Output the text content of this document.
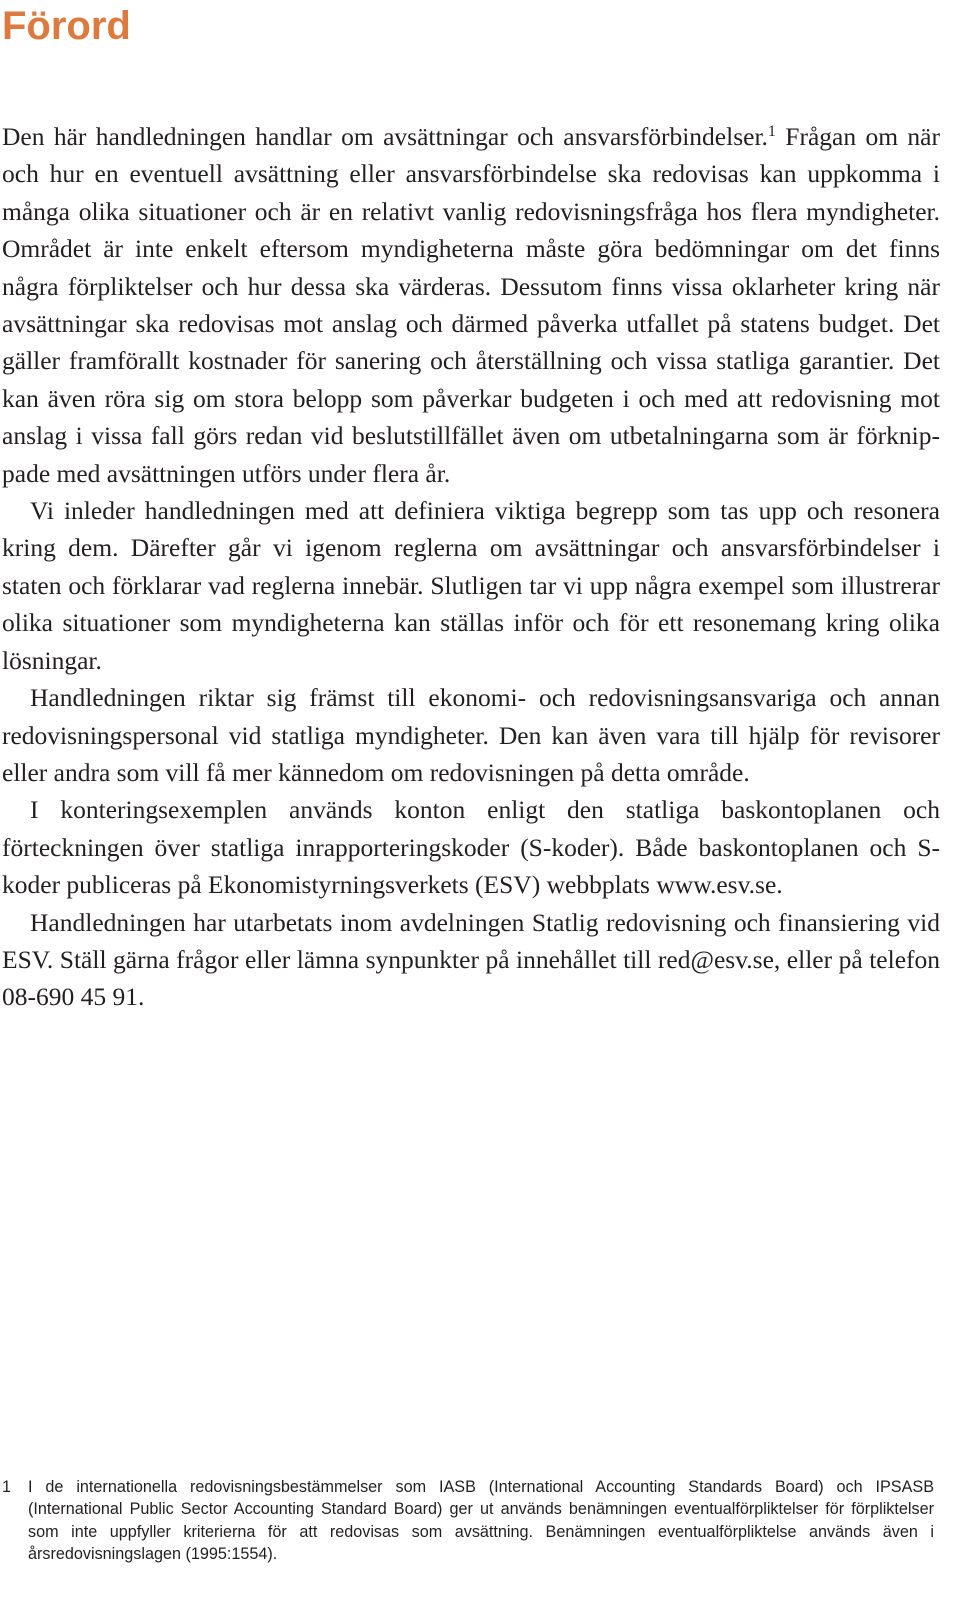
Förord

Den här handledningen handlar om avsättningar och ansvarsförbindelser.$^1$ Frågan om när och hur en eventuell avsättning eller ansvarsförbindelse ska redovisas kan uppkomma i många olika situationer och är en relativt vanlig redovisningsfråga hos flera myndigheter. Området är inte enkelt eftersom myndigheterna måste göra bedömningar om det finns några förpliktelser och hur dessa ska värderas. Dessutom finns vissa oklarheter kring när avsättningar ska redovisas mot anslag och därmed påverka utfallet på statens budget. Det gäller framförallt kostnader för sanering och återställning och vissa statliga garantier. Det kan även röra sig om stora belopp som påverkar budgeten i och med att redovisning mot anslag i vissa fall görs redan vid beslutstillfället även om utbetalningarna som är förknippade med avsättningen utförs under flera år.

Vi inleder handledningen med att definiera viktiga begrepp som tas upp och resonera kring dem. Därefter går vi igenom reglerna om avsättningar och ansvarsförbindelser i staten och förklarar vad reglerna innebär. Slutligen tar vi upp några exempel som illustrerar olika situationer som myndigheterna kan ställas inför och för ett resonemang kring olika lösningar.

Handledningen riktar sig främst till ekonomi- och redovisningsansvariga och annan redovisningspersonal vid statliga myndigheter. Den kan även vara till hjälp för revisorer eller andra som vill få mer kännedom om redovisningen på detta område.

I konteringsexemplen används konton enligt den statliga baskontoplanen och förteckningen över statliga inrapporteringskoder (S-koder). Både baskontoplanen och S-koder publiceras på Ekonomistyrningsverkets (ESV) webbplats www.esv.se.

Handledningen har utarbetats inom avdelningen Statlig redovisning och finansiering vid ESV. Ställ gärna frågor eller lämna synpunkter på innehållet till red@esv.se, eller på telefon 08-690 45 91.

1 I de internationella redovisningsbestämmelser som IASB (International Accounting Standards Board) och IPSASB (International Public Sector Accounting Standard Board) ger ut används benämningen eventualförpliktelser för förpliktelser som inte uppfyller kriterierna för att redovisas som avsättning. Benämningen eventualförpliktelse används även i årsredovisningslagen (1995:1554).
